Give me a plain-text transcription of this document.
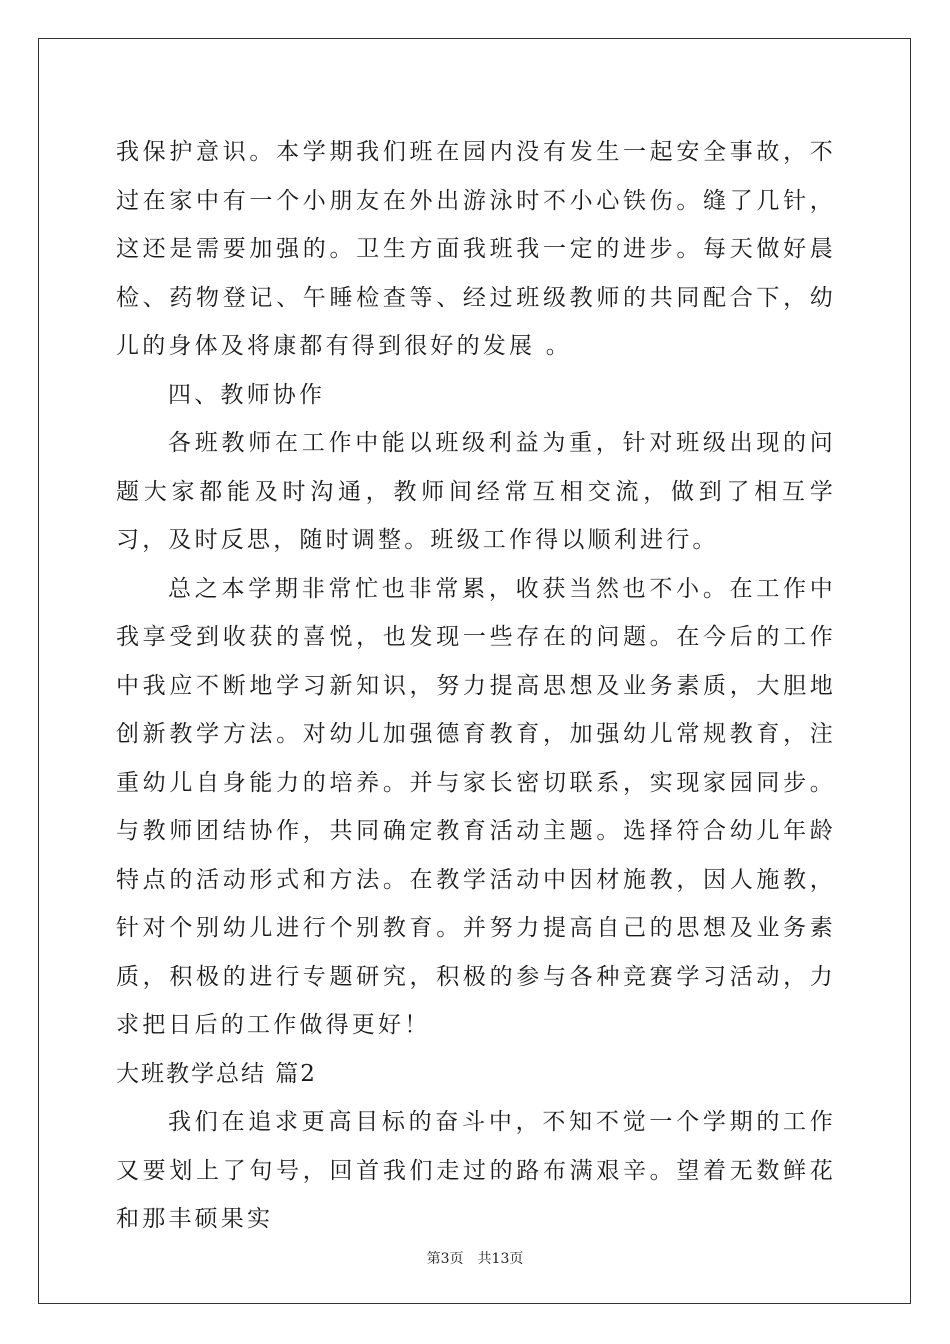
我保护意识。本学期我们班在园内没有发生一起安全事故，不过在家中有一个小朋友在外出游泳时不小心铁伤。缝了几针，这还是需要加强的。卫生方面我班我一定的进步。每天做好晨检、药物登记、午睡检查等、经过班级教师的共同配合下，幼儿的身体及将康都有得到很好的发展 。

四、教师协作

各班教师在工作中能以班级利益为重，针对班级出现的问题大家都能及时沟通，教师间经常互相交流，做到了相互学习，及时反思，随时调整。班级工作得以顺利进行。

总之本学期非常忙也非常累，收获当然也不小。在工作中我享受到收获的喜悦，也发现一些存在的问题。在今后的工作中我应不断地学习新知识，努力提高思想及业务素质，大胆地创新教学方法。对幼儿加强德育教育，加强幼儿常规教育，注重幼儿自身能力的培养。并与家长密切联系，实现家园同步。与教师团结协作，共同确定教育活动主题。选择符合幼儿年龄特点的活动形式和方法。在教学活动中因材施教，因人施教，针对个别幼儿进行个别教育。并努力提高自己的思想及业务素质，积极的进行专题研究，积极的参与各种竞赛学习活动，力求把日后的工作做得更好！

大班教学总结 篇2

我们在追求更高目标的奋斗中，不知不觉一个学期的工作又要划上了句号，回首我们走过的路布满艰辛。望着无数鲜花和那丰硕果实

第3页 共13页
